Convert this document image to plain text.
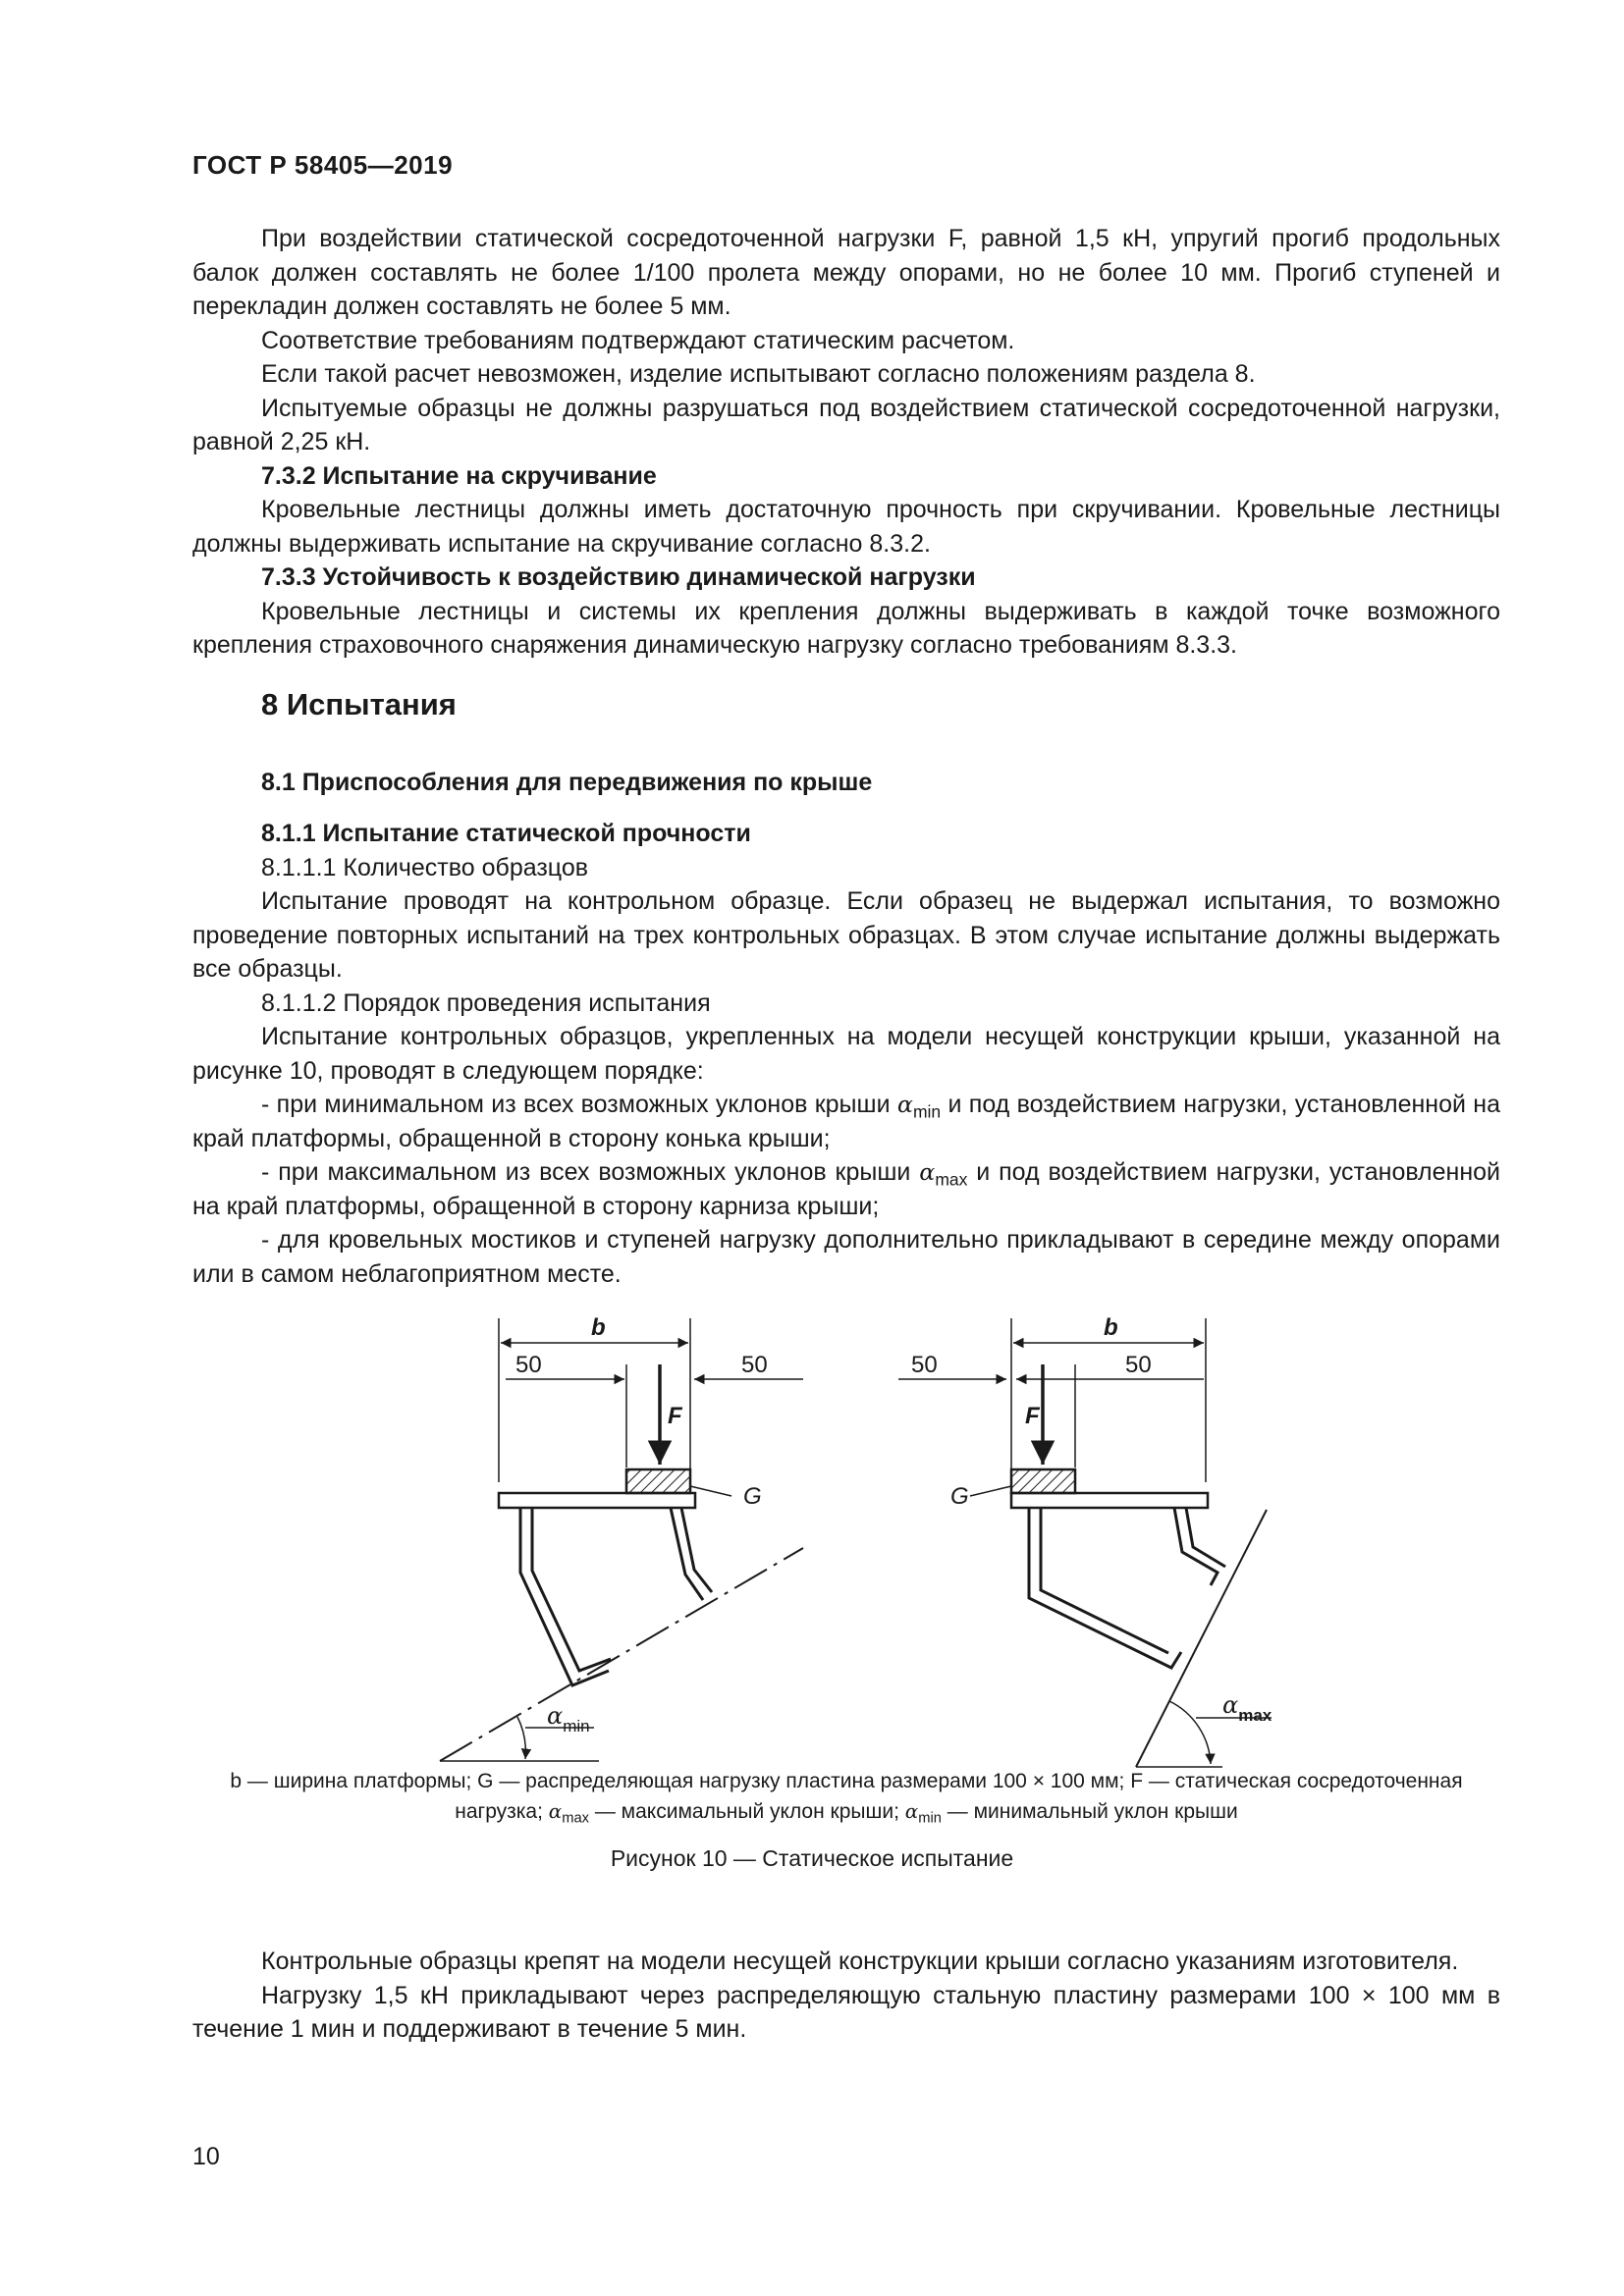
ГОСТ Р 58405—2019

При воздействии статической сосредоточенной нагрузки F, равной 1,5 кН, упругий прогиб продольных балок должен составлять не более 1/100 пролета между опорами, но не более 10 мм. Прогиб ступеней и перекладин должен составлять не более 5 мм.

Соответствие требованиям подтверждают статическим расчетом.

Если такой расчет невозможен, изделие испытывают согласно положениям раздела 8.

Испытуемые образцы не должны разрушаться под воздействием статической сосредоточенной нагрузки, равной 2,25 кН.

7.3.2 Испытание на скручивание

Кровельные лестницы должны иметь достаточную прочность при скручивании. Кровельные лестницы должны выдерживать испытание на скручивание согласно 8.3.2.

7.3.3 Устойчивость к воздействию динамической нагрузки

Кровельные лестницы и системы их крепления должны выдерживать в каждой точке возможного крепления страховочного снаряжения динамическую нагрузку согласно требованиям 8.3.3.

8 Испытания
8.1 Приспособления для передвижения по крыше

8.1.1 Испытание статической прочности

8.1.1.1 Количество образцов

Испытание проводят на контрольном образце. Если образец не выдержал испытания, то возможно проведение повторных испытаний на трех контрольных образцах. В этом случае испытание должны выдержать все образцы.

8.1.1.2 Порядок проведения испытания

Испытание контрольных образцов, укрепленных на модели несущей конструкции крыши, указанной на рисунке 10, проводят в следующем порядке:

- при минимальном из всех возможных уклонов крыши $\alpha_{min}$ и под воздействием нагрузки, установленной на край платформы, обращенной в сторону конька крыши;

- при максимальном из всех возможных уклонов крыши $\alpha_{max}$ и под воздействием нагрузки, установленной на край платформы, обращенной в сторону карниза крыши;

- для кровельных мостиков и ступеней нагрузку дополнительно прикладывают в середине между опорами или в самом неблагоприятном месте.

b
50	50
F
G
$\alpha_{min}$
b
50	50
F
G
$\alpha_{max}$
b — ширина платформы; G — распределяющая нагрузку пластина размерами 100 × 100 мм; F — статическая сосредоточенная нагрузка; $\alpha_{max}$ — максимальный уклон крыши; $\alpha_{min}$ — минимальный уклон крыши
Рисунок 10 — Статическое испытание

Контрольные образцы крепят на модели несущей конструкции крыши согласно указаниям изготовителя.

Нагрузку 1,5 кН прикладывают через распределяющую стальную пластину размерами 100 × 100 мм в течение 1 мин и поддерживают в течение 5 мин.

10
